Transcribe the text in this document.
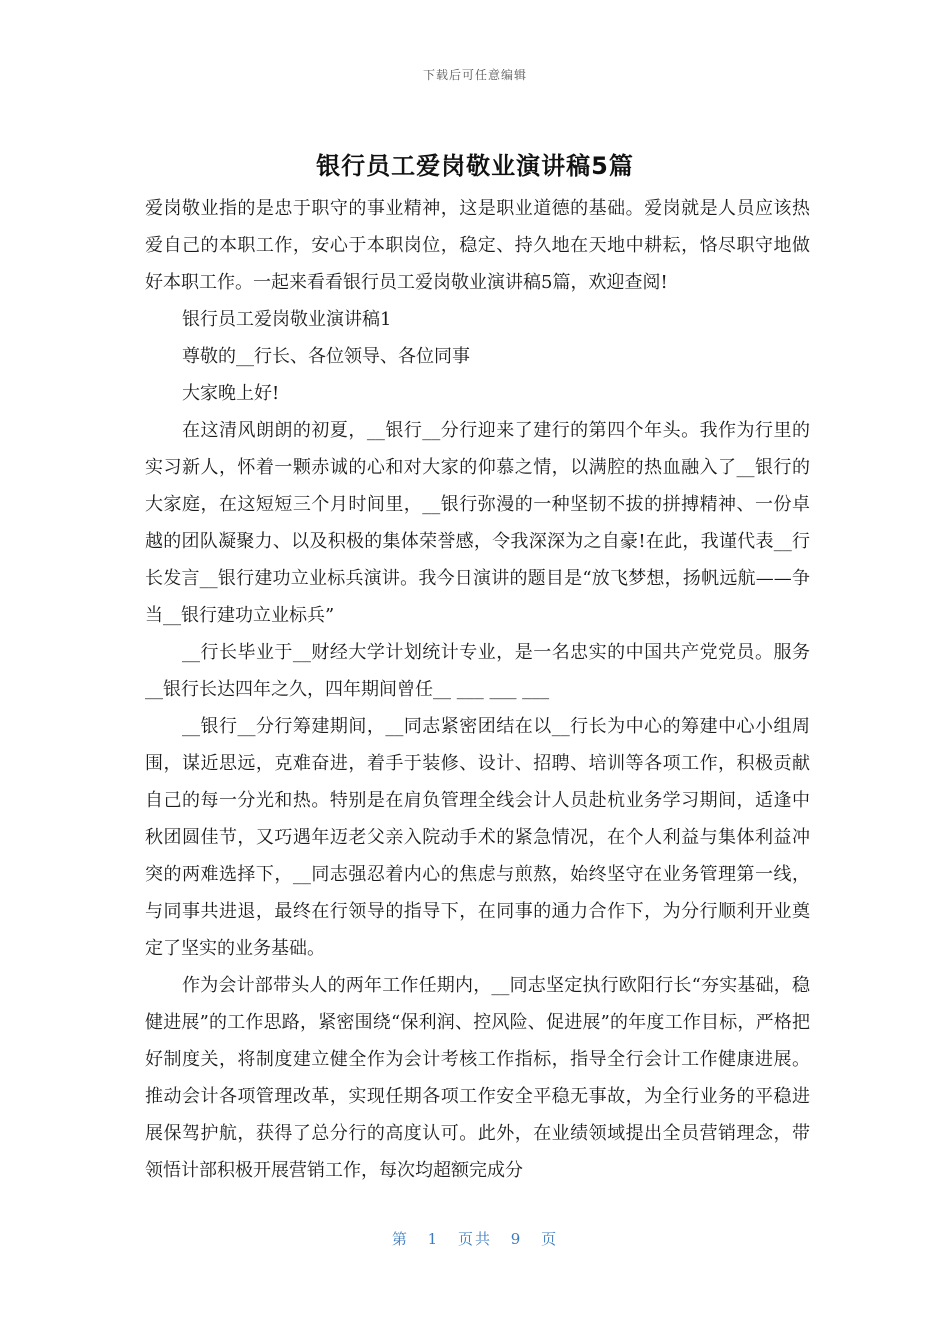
下载后可任意编辑
银行员工爱岗敬业演讲稿5篇

爱岗敬业指的是忠于职守的事业精神，这是职业道德的基础。爱岗就是人员应该热爱自己的本职工作，安心于本职岗位，稳定、持久地在天地中耕耘，恪尽职守地做好本职工作。一起来看看银行员工爱岗敬业演讲稿5篇，欢迎查阅!

银行员工爱岗敬业演讲稿1

尊敬的__行长、各位领导、各位同事

大家晚上好!

在这清风朗朗的初夏，__银行__分行迎来了建行的第四个年头。我作为行里的实习新人，怀着一颗赤诚的心和对大家的仰慕之情，以满腔的热血融入了__银行的大家庭，在这短短三个月时间里，__银行弥漫的一种坚韧不拔的拼搏精神、一份卓越的团队凝聚力、以及积极的集体荣誉感，令我深深为之自豪!在此，我谨代表__行长发言__银行建功立业标兵演讲。我今日演讲的题目是“放飞梦想，扬帆远航——争当__银行建功立业标兵”

__行长毕业于__财经大学计划统计专业，是一名忠实的中国共产党党员。服务__银行长达四年之久，四年期间曾任__ ___ ___ ___

__银行__分行筹建期间，__同志紧密团结在以__行长为中心的筹建中心小组周围，谋近思远，克难奋进，着手于装修、设计、招聘、培训等各项工作，积极贡献自己的每一分光和热。特别是在肩负管理全线会计人员赴杭业务学习期间，适逢中秋团圆佳节，又巧遇年迈老父亲入院动手术的紧急情况，在个人利益与集体利益冲突的两难选择下，__同志强忍着内心的焦虑与煎熬，始终坚守在业务管理第一线，与同事共进退，最终在行领导的指导下，在同事的通力合作下，为分行顺利开业奠定了坚实的业务基础。

作为会计部带头人的两年工作任期内，__同志坚定执行欧阳行长“夯实基础，稳健进展”的工作思路，紧密围绕“保利润、控风险、促进展”的年度工作目标，严格把好制度关，将制度建立健全作为会计考核工作指标，指导全行会计工作健康进展。推动会计各项管理改革，实现任期各项工作安全平稳无事故，为全行业务的平稳进展保驾护航，获得了总分行的高度认可。此外，在业绩领域提出全员营销理念，带领悟计部积极开展营销工作，每次均超额完成分

第 1 页共 9 页
